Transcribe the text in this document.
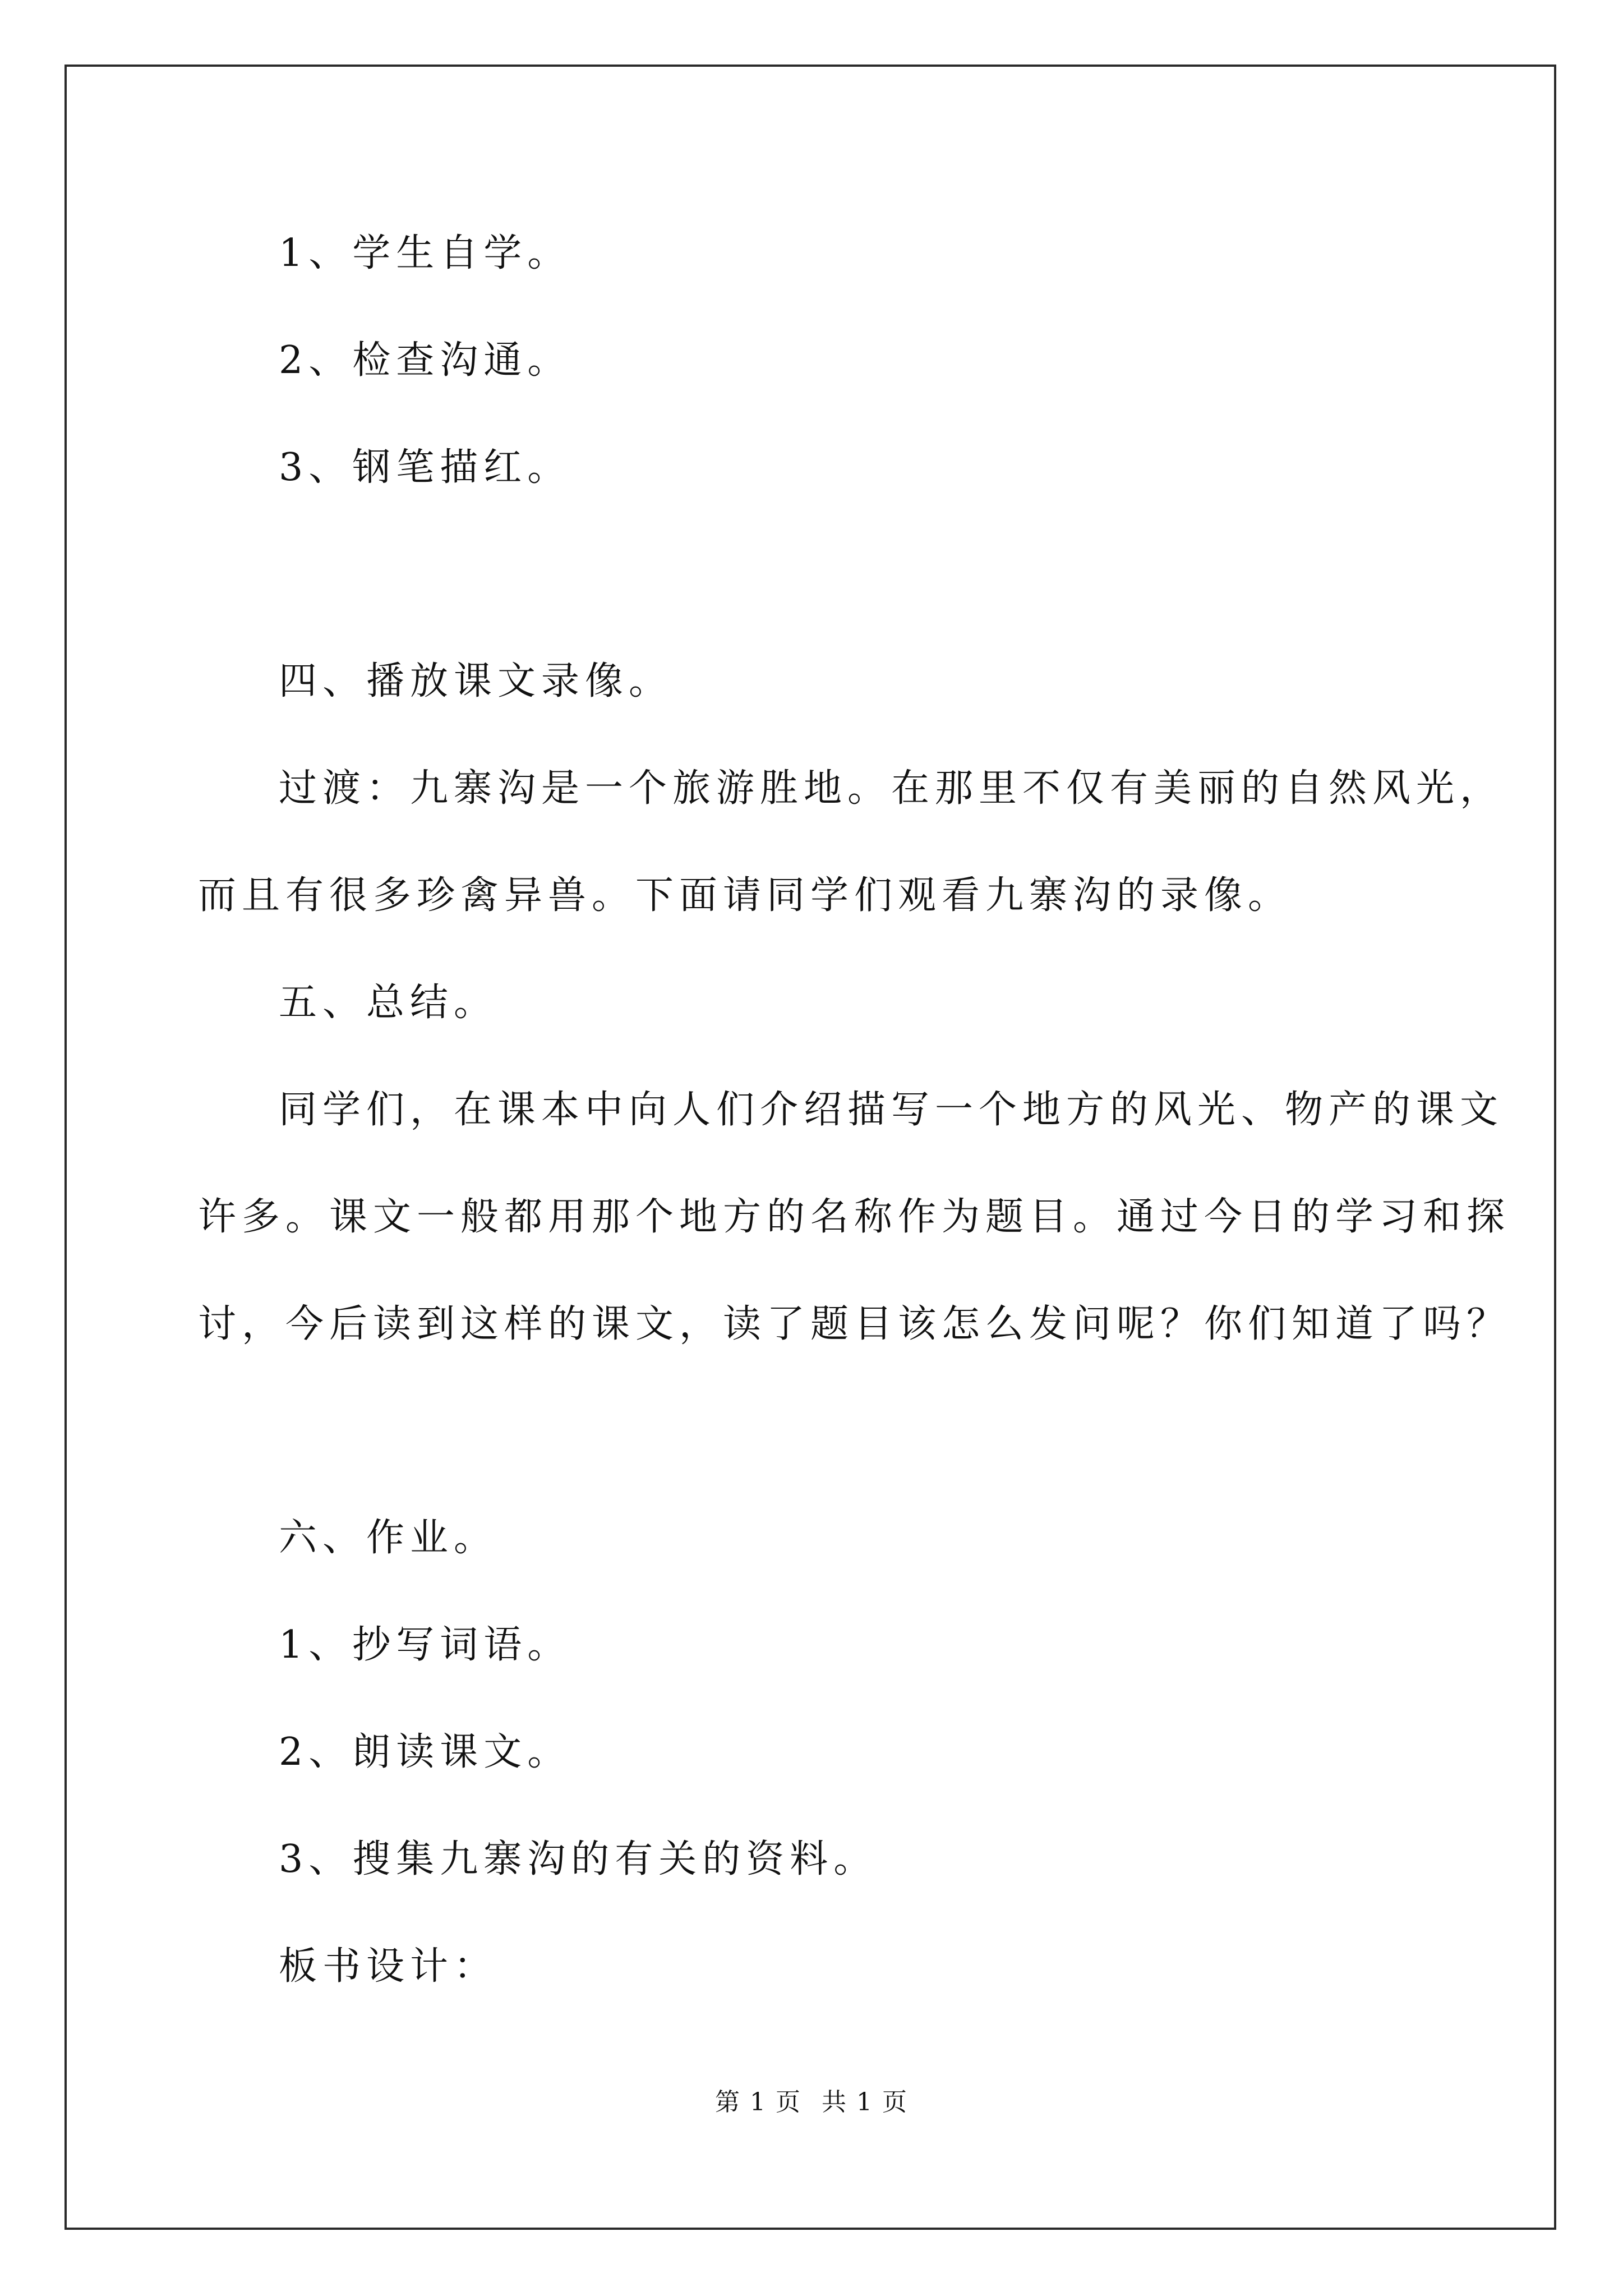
1、学生自学。
2、检查沟通。
3、钢笔描红。
四、播放课文录像。
过渡：九寨沟是一个旅游胜地。在那里不仅有美丽的自然风光，
而且有很多珍禽异兽。下面请同学们观看九寨沟的录像。
五、总结。
同学们，在课本中向人们介绍描写一个地方的风光、物产的课文
许多。课文一般都用那个地方的名称作为题目。通过今日的学习和探
讨，今后读到这样的课文，读了题目该怎么发问呢？你们知道了吗？
六、作业。
1、抄写词语。
2、朗读课文。
3、搜集九寨沟的有关的资料。
板书设计：
第 1 页 共 1 页
